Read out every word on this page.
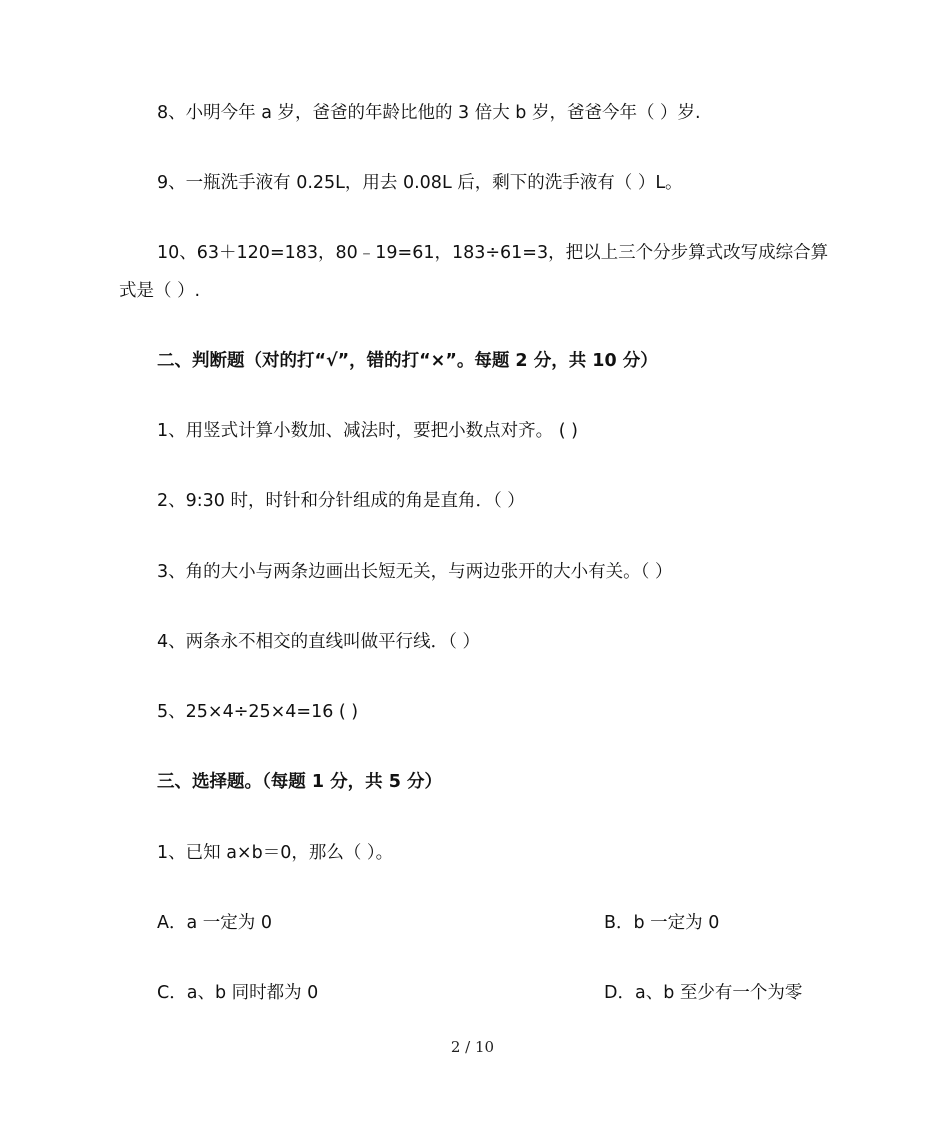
8、小明今年 a 岁，爸爸的年龄比他的 3 倍大 b 岁，爸爸今年（ ）岁.
9、一瓶洗手液有 0.25L，用去 0.08L 后，剩下的洗手液有（ ）L。
10、63＋120=183，80﹣19=61，183÷61=3，把以上三个分步算式改写成综合算
式是（ ）.
二、判断题（对的打“√”，错的打“×”。每题 2 分，共 10 分）
1、用竖式计算小数加、减法时，要把小数点对齐。 ( )
2、9:30 时，时针和分针组成的角是直角．（ ）
3、角的大小与两条边画出长短无关，与两边张开的大小有关。（ ）
4、两条永不相交的直线叫做平行线．（ ）
5、25×4÷25×4=16 ( )
三、选择题。（每题 1 分，共 5 分）
1、已知 a×b＝0，那么（ ）。
A．a 一定为 0	B．b 一定为 0
C．a、b 同时都为 0	D．a、b 至少有一个为零
2 / 10
